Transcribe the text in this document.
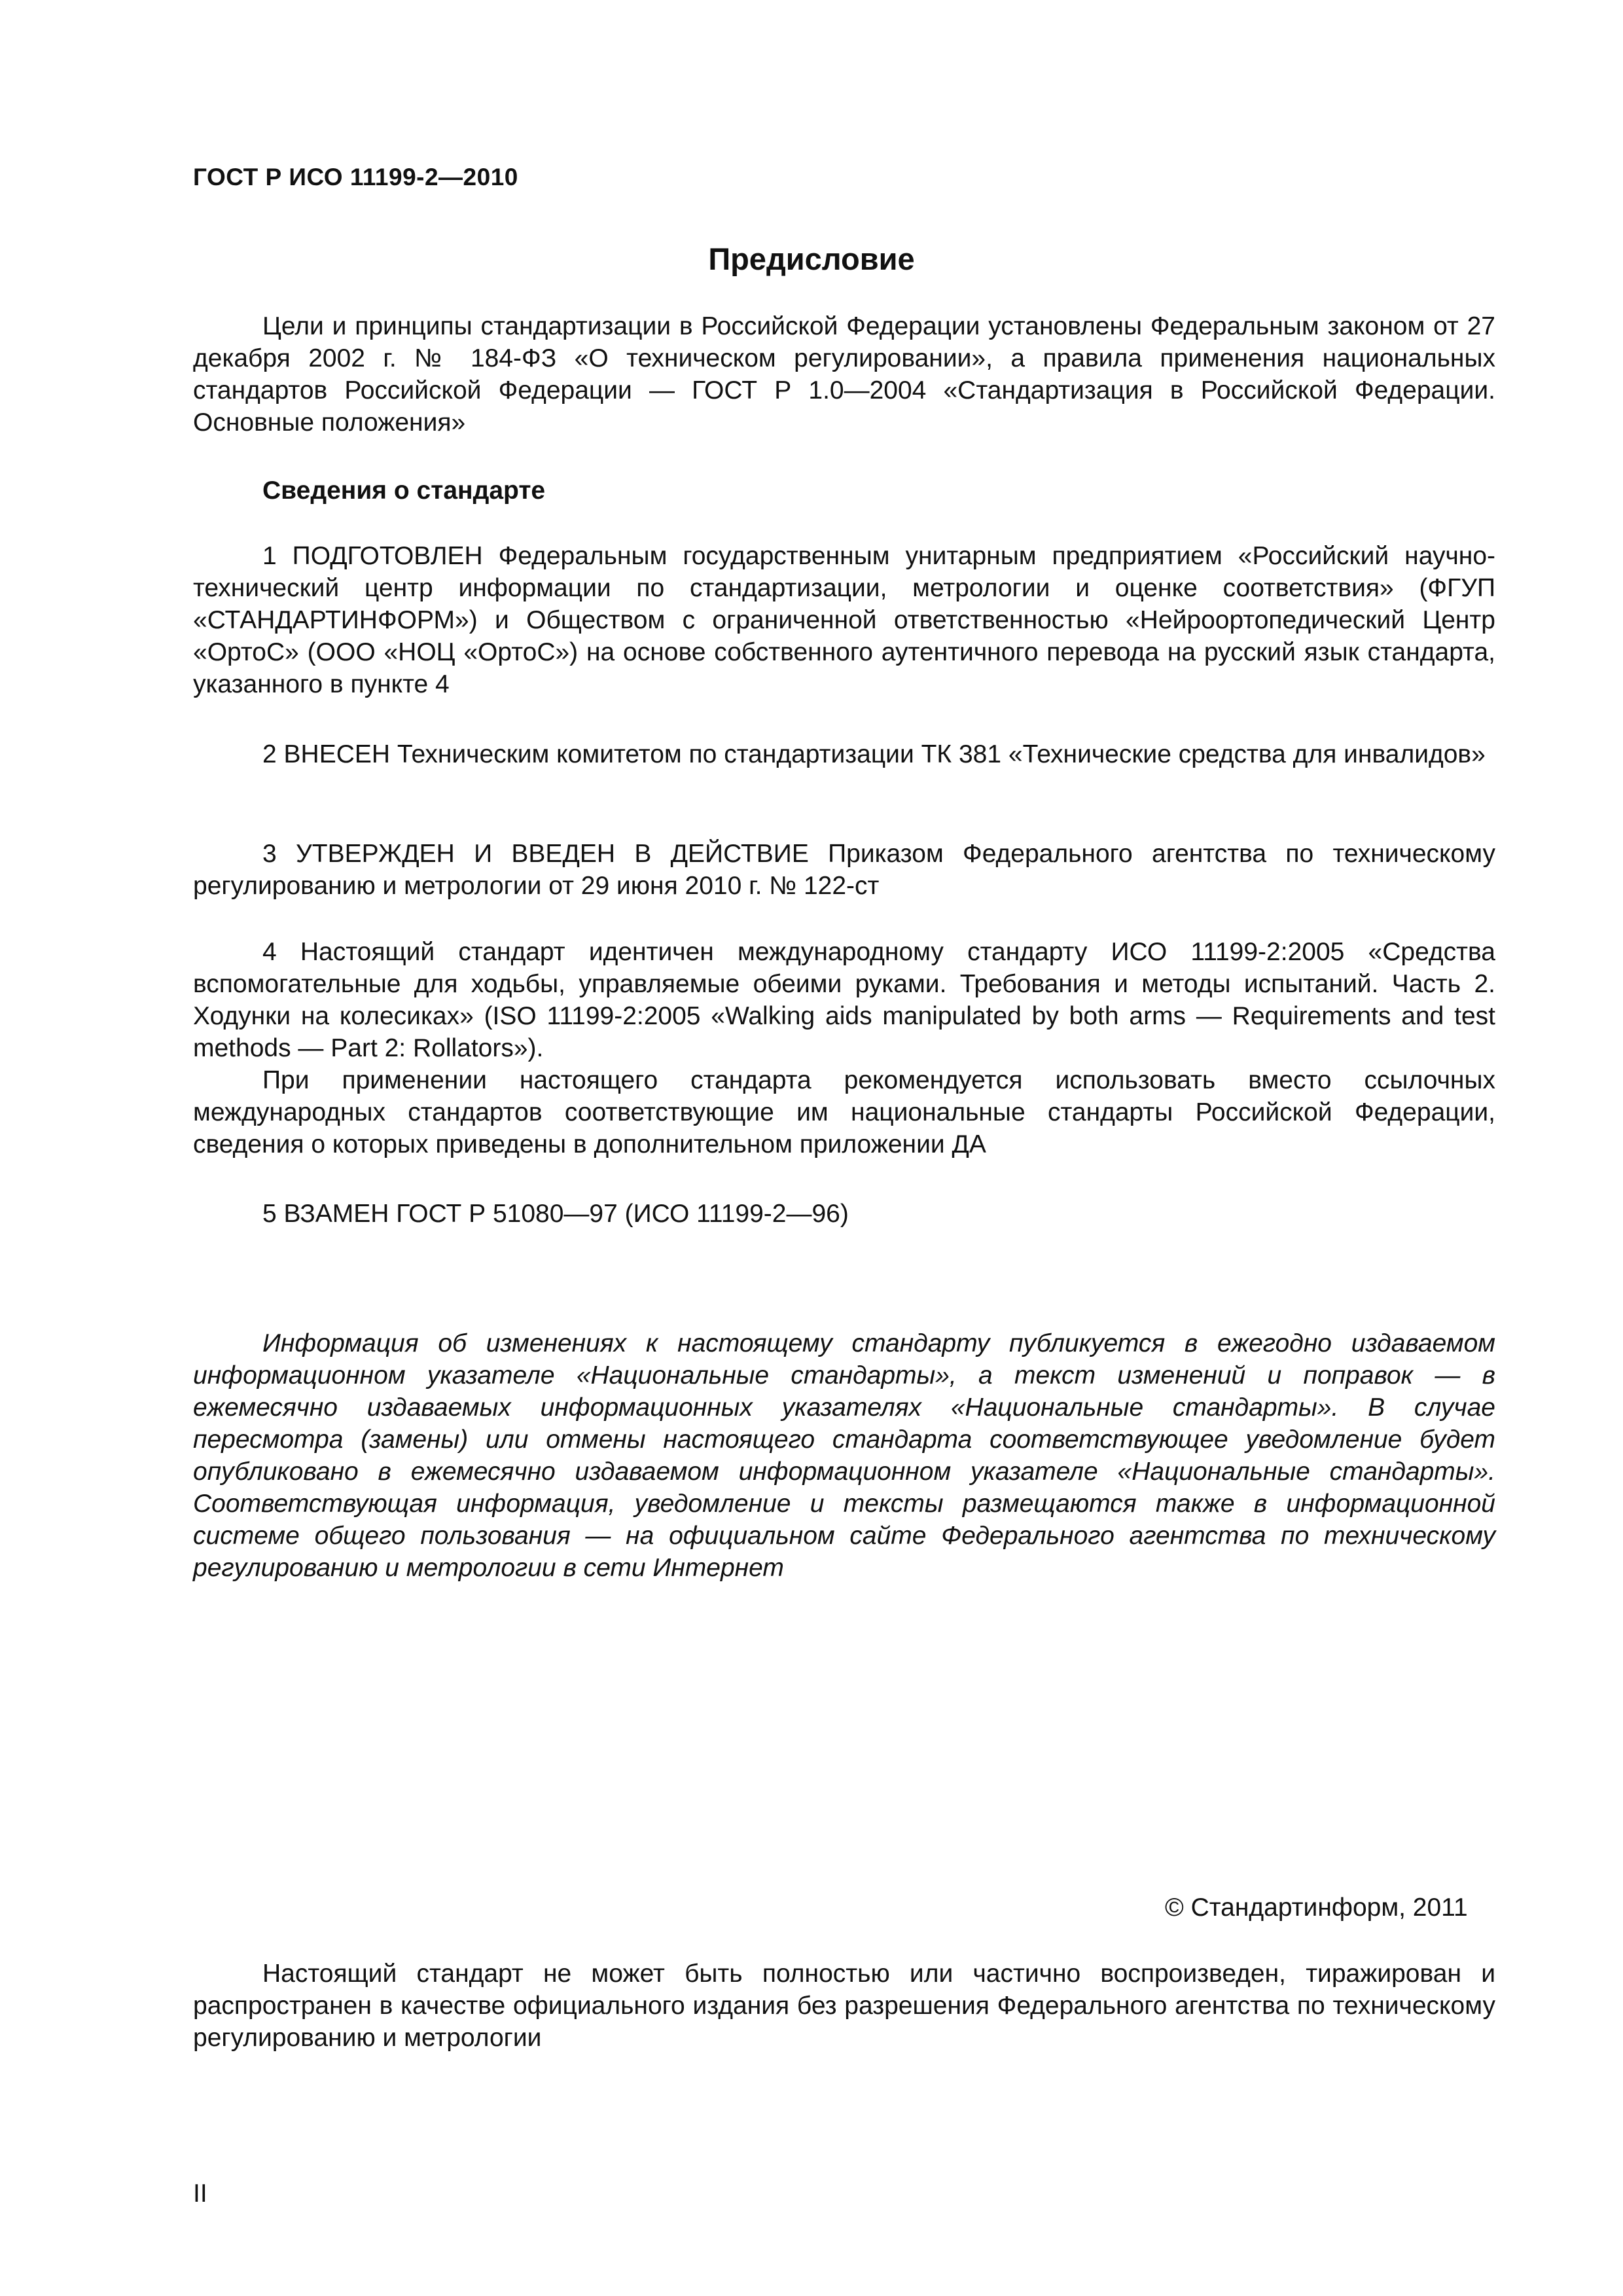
ГОСТ Р ИСО 11199-2—2010
Предисловие

Цели и принципы стандартизации в Российской Федерации установлены Федеральным законом от 27 декабря 2002 г. № 184-ФЗ «О техническом регулировании», а правила применения национальных стандартов Российской Федерации — ГОСТ Р 1.0—2004 «Стандартизация в Российской Федерации. Основные положения»

Сведения о стандарте

1 ПОДГОТОВЛЕН Федеральным государственным унитарным предприятием «Российский научно-технический центр информации по стандартизации, метрологии и оценке соответствия» (ФГУП «СТАНДАРТИНФОРМ») и Обществом с ограниченной ответственностью «Нейроортопедический Центр «ОртоС» (ООО «НОЦ «ОртоС») на основе собственного аутентичного перевода на русский язык стандарта, указанного в пункте 4

2 ВНЕСЕН Техническим комитетом по стандартизации ТК 381 «Технические средства для инвалидов»

3 УТВЕРЖДЕН И ВВЕДЕН В ДЕЙСТВИЕ Приказом Федерального агентства по техническому регулированию и метрологии от 29 июня 2010 г. № 122-ст

4 Настоящий стандарт идентичен международному стандарту ИСО 11199-2:2005 «Средства вспомогательные для ходьбы, управляемые обеими руками. Требования и методы испытаний. Часть 2. Ходунки на колесиках» (ISO 11199-2:2005 «Walking aids manipulated by both arms — Requirements and test methods — Part 2: Rollators»).

При применении настоящего стандарта рекомендуется использовать вместо ссылочных международных стандартов соответствующие им национальные стандарты Российской Федерации, сведения о которых приведены в дополнительном приложении ДА

5 ВЗАМЕН ГОСТ Р 51080—97 (ИСО 11199-2—96)

Информация об изменениях к настоящему стандарту публикуется в ежегодно издаваемом информационном указателе «Национальные стандарты», а текст изменений и поправок — в ежемесячно издаваемых информационных указателях «Национальные стандарты». В случае пересмотра (замены) или отмены настоящего стандарта соответствующее уведомление будет опубликовано в ежемесячно издаваемом информационном указателе «Национальные стандарты». Соответствующая информация, уведомление и тексты размещаются также в информационной системе общего пользования — на официальном сайте Федерального агентства по техническому регулированию и метрологии в сети Интернет

© Стандартинформ, 2011

Настоящий стандарт не может быть полностью или частично воспроизведен, тиражирован и распространен в качестве официального издания без разрешения Федерального агентства по техническому регулированию и метрологии

II
